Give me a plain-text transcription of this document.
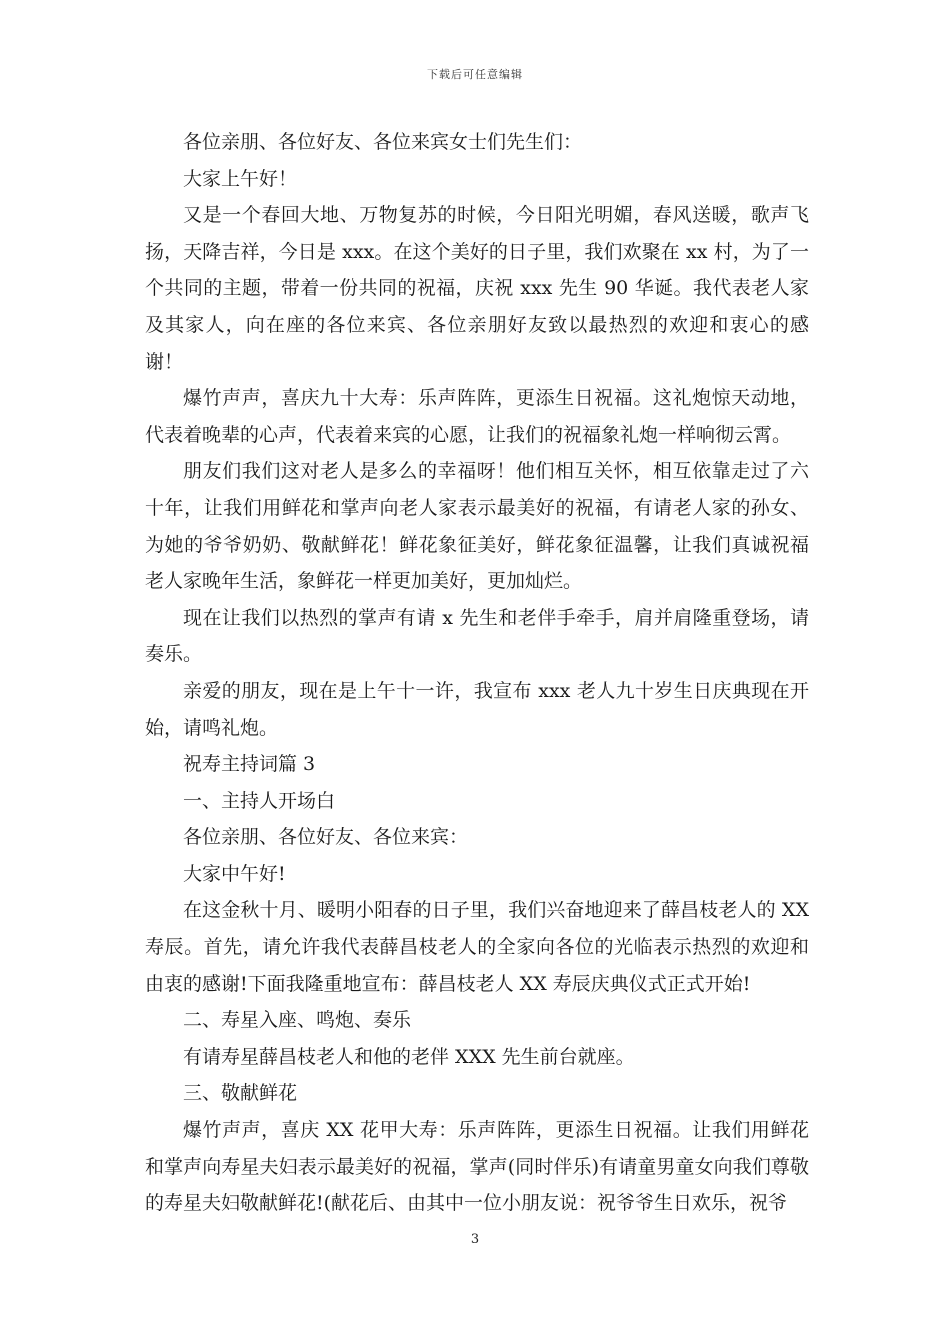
下载后可任意编辑

各位亲朋、各位好友、各位来宾女士们先生们：

大家上午好！

又是一个春回大地、万物复苏的时候，今日阳光明媚，春风送暖，歌声飞扬，天降吉祥，今日是 xxx。在这个美好的日子里，我们欢聚在 xx 村，为了一个共同的主题，带着一份共同的祝福，庆祝 xxx 先生 90 华诞。我代表老人家及其家人，向在座的各位来宾、各位亲朋好友致以最热烈的欢迎和衷心的感谢！

爆竹声声，喜庆九十大寿：乐声阵阵，更添生日祝福。这礼炮惊天动地，代表着晚辈的心声，代表着来宾的心愿，让我们的祝福象礼炮一样响彻云霄。

朋友们我们这对老人是多么的幸福呀！他们相互关怀，相互依靠走过了六十年，让我们用鲜花和掌声向老人家表示最美好的祝福，有请老人家的孙女、为她的爷爷奶奶、敬献鲜花！鲜花象征美好，鲜花象征温馨，让我们真诚祝福老人家晚年生活，象鲜花一样更加美好，更加灿烂。

现在让我们以热烈的掌声有请 x 先生和老伴手牵手，肩并肩隆重登场，请奏乐。

亲爱的朋友，现在是上午十一许，我宣布 xxx 老人九十岁生日庆典现在开始，请鸣礼炮。

祝寿主持词篇 3

一、主持人开场白

各位亲朋、各位好友、各位来宾：

大家中午好!

在这金秋十月、暖明小阳春的日子里，我们兴奋地迎来了薛昌枝老人的 XX 寿辰。首先，请允许我代表薛昌枝老人的全家向各位的光临表示热烈的欢迎和由衷的感谢!下面我隆重地宣布：薛昌枝老人 XX 寿辰庆典仪式正式开始!

二、寿星入座、鸣炮、奏乐

有请寿星薛昌枝老人和他的老伴 XXX 先生前台就座。

三、敬献鲜花

爆竹声声，喜庆 XX 花甲大寿：乐声阵阵，更添生日祝福。让我们用鲜花和掌声向寿星夫妇表示最美好的祝福，掌声(同时伴乐)有请童男童女向我们尊敬的寿星夫妇敬献鲜花!(献花后、由其中一位小朋友说：祝爷爷生日欢乐，祝爷

3
